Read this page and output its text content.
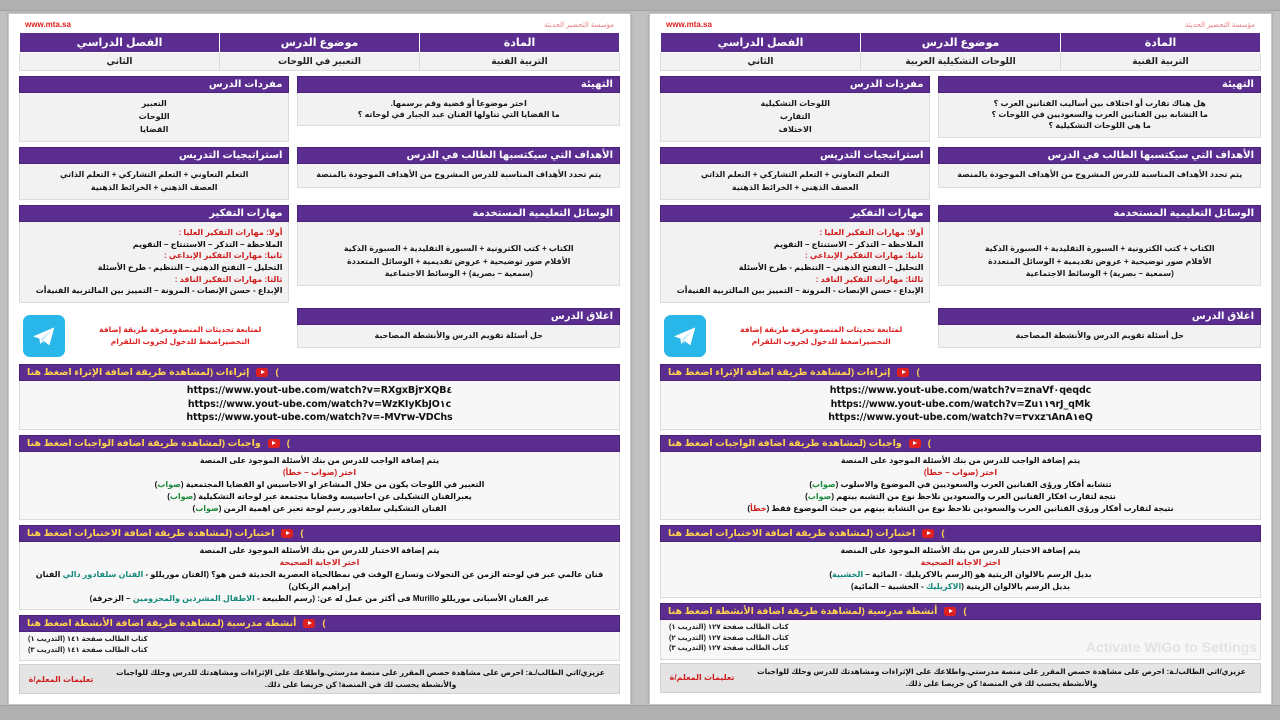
مؤسسة التحضير الحديثة
www.mta.sa
المادة	موضوع الدرس	الفصل الدراسي
التربية الفنية	اللوحات التشكيلية العربية	الثاني
التهيئة
هل هناك تقارب أو اختلاف بين أساليب الفنانين العرب ؟
ما التشابه بين الفنانين العرب والسعوديين في اللوحات ؟
ما هي اللوحات التشكيلية ؟
مفردات الدرس
اللوحات التشكيلية
التقارب
الاختلاف
الأهداف التي سيكتسبها الطالب في الدرس
يتم تحدد الأهداف المناسبة للدرس المشروح من الأهداف الموجودة بالمنصة
استراتيجيات التدريس
التعلم التعاوني + التعلم التشاركي + التعلم الذاتي
العصف الذهني + الخرائط الذهنية
الوسائل التعليمية المستخدمة
الكتاب + كتب الكترونية + السبورة التقليدية + السبورة الذكية
الأقلام صور توضيحية + عروض تقديمية + الوسائل المتعددة
(سمعية – بصرية) + الوسائط الاجتماعية
مهارات التفكير
أولا: مهارات التفكير العليا :
الملاحظة – التذكر – الاستنتاج – التقويم
ثانيا: مهارات التفكير الإبداعي :
التحليل – التفتح الذهني – التنظيم - طرح الأسئلة
ثالثا: مهارات التفكير الناقد :
الإبداع - حسن الإنصات - المرونة – التمييز بين المالتربية الفنيةأت
اغلاق الدرس
حل أسئلة تقويم الدرس والأنشطة المصاحبة
لمتابعة تحديثات المنصةومعرفة طريقة إضافة التحضيراضغط للدخول لجروب التلقرام
إثراءات (لمشاهدة طريقة اضافة الإثراء اضغط هنا	)
https://www.yout-ube.com/watch?v=znaVf٠qeqdc
https://www.yout-ube.com/watch?v=Zu١١٩rJ_qMk
https://www.yout-ube.com/watch?v=٣vxz٦AnA١eQ
واجبات (لمشاهدة طريقة اضافة الواجبات اضغط هنا	)
يتم إضافة الواجب للدرس من بنك الأسئلة الموجود على المنصة
اختر (صواب – خطأ)
تتشابه أفكار ورؤى الفنانين العرب والسعوديين في الموضوع والاسلوب (صواب)
نتجة لتقارب افكار الفنانين العرب والسعودين نلاحظ نوع من التشبه بينهم (صواب)
نتيجة لتقارب أفكار ورؤى الفنانين العرب والسعودين نلاحظ نوع من التشابة بينهم من حيث الموضوع فقط (خطأ)
اختبارات (لمشاهدة طريقة اضافة الاختبارات اضغط هنا	)
يتم إضافة الاختبار للدرس من بنك الأسئلة الموجود على المنصة
اختر الاجابة الصحيحة
بديل الرسم بالالوان الزيتية هو (الرسم بالاكريليك - المائية – الخشبية)
بديل الرسم بالالوان الزيتية (الاكريليك - الخشبية – المائية)
أنشطة مدرسية (لمشاهدة طريقة اضافة الأنشطة اضغط هنا	)
كتاب الطالب صفحة ١٢٧ (التدريب ١)
كتاب الطالب صفحة ١٢٧ (التدريب ٢)
كتاب الطالب صفحة ١٢٧ (التدريب ٣)
عزيزي/اتي الطالب/ـة: احرص على مشاهدة حصص المقرر على منصة مدرستي.واطلاعك على الإثراءات ومشاهدتك للدرس وحلك للواجبات والأنشطة يحسب لك في المنصة! كن حريصا على ذلك.
تعليمات المعلم/ة
مؤسسة التحضير الحديثة
www.mta.sa
المادة	موضوع الدرس	الفصل الدراسي
التربية الفنية	التعبير في اللوحات	الثاني
التهيئة
اختر موضوعا أو قضية وقم برسمها.
ما القضايا التي تناولها الفنان عبد الجبار في لوحاته ؟
مفردات الدرس
التعبير
اللوحات
القضايا
الأهداف التي سيكتسبها الطالب في الدرس
يتم تحدد الأهداف المناسبة للدرس المشروح من الأهداف الموجودة بالمنصة
استراتيجيات التدريس
التعلم التعاوني + التعلم التشاركي + التعلم الذاتي
العصف الذهني + الخرائط الذهنية
الوسائل التعليمية المستخدمة
الكتاب + كتب الكترونية + السبورة التقليدية + السبورة الذكية
الأقلام صور توضيحية + عروض تقديمية + الوسائل المتعددة
(سمعية – بصرية) + الوسائط الاجتماعية
مهارات التفكير
أولا: مهارات التفكير العليا :
الملاحظة – التذكر – الاستنتاج – التقويم
ثانيا: مهارات التفكير الإبداعي :
التحليل – التفتح الذهني – التنظيم - طرح الأسئلة
ثالثا: مهارات التفكير الناقد :
الإبداع - حسن الإنصات - المرونة – التمييز بين المالتربية الفنيةأت
اغلاق الدرس
حل أسئلة تقويم الدرس والأنشطة المصاحبة
لمتابعة تحديثات المنصةومعرفة طريقة إضافة التحضيراضغط للدخول لجروب التلقرام
إثراءات (لمشاهدة طريقة اضافة الإثراء اضغط هنا	)
https://www.yout-ube.com/watch?v=RXgxBj٣XQB٤
https://www.yout-ube.com/watch?v=WzKIyKbJO١c
https://www.yout-ube.com/watch?v=-MV٣w-VDChs
واجبات (لمشاهدة طريقة اضافة الواجبات اضغط هنا	)
يتم إضافة الواجب للدرس من بنك الأسئلة الموجود على المنصة
اختر (صواب – خطأ)
التعبير في اللوحات يكون من خلال المشاعر او الاحاسيس او القضايا المجتمعية (صواب)
يعبرالفنان التشكيلى عن احاسيسه وقضايا مجتمعة عبر لوحاته التشكيلية (صواب)
الفنان التشكيلي سلفادور رسم لوحة تعبر عن اهمية الزمن (صواب)
اختبارات (لمشاهدة طريقة اضافة الاختبارات اضغط هنا	)
يتم إضافة الاختبار للدرس من بنك الأسئلة الموجود على المنصة
اختر الاجابة الصحيحة
فنان عالمي عبر في لوحته الزمن عن التحولات وتسارع الوقت في نمطالحياة العصرية الحديثة فمن هو؟ (الفنان موريللو - الفنان سلفادور دالي الفنان إبراهيم الزيكان)
عبر الفنان الأسبانى موريللو Murillo فى أكثر من عمل له عن: (رسم الطبيعة - الاطفال المشردين والمحرومين – الزخرفة)
أنشطة مدرسية (لمشاهدة طريقة اضافة الأنشطة اضغط هنا	)
كتاب الطالب صفحة ١٤١ (التدريب ١)
كتاب الطالب صفحة ١٤١ (التدريب ٣)
عزيزي/اتي الطالب/ـة: احرص على مشاهدة حصص المقرر على منصة مدرستي.واطلاعك على الإثراءات ومشاهدتك للدرس وحلك للواجبات والأنشطة يحسب لك في المنصة! كن حريصا على ذلك.
تعليمات المعلم/ة
